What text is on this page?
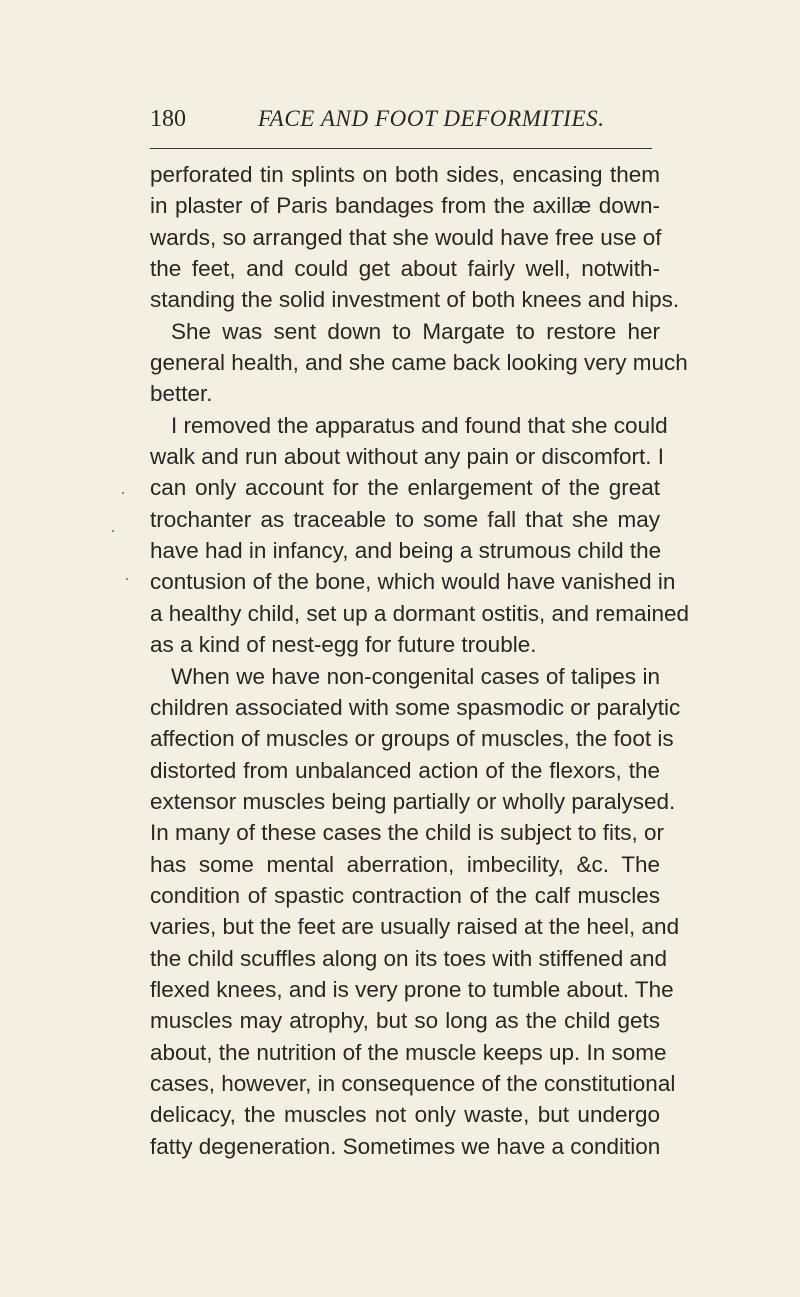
180	FACE AND FOOT DEFORMITIES.
perforated tin splints on both sides, encasing them
in plaster of Paris bandages from the axillæ down-
wards, so arranged that she would have free use of
the feet, and could get about fairly well, notwith-
standing the solid investment of both knees and hips.
She was sent down to Margate to restore her
general health, and she came back looking very much
better.
I removed the apparatus and found that she could
walk and run about without any pain or discomfort. I
can only account for the enlargement of the great
trochanter as traceable to some fall that she may
have had in infancy, and being a strumous child the
contusion of the bone, which would have vanished in
a healthy child, set up a dormant ostitis, and remained
as a kind of nest-egg for future trouble.
When we have non-congenital cases of talipes in
children associated with some spasmodic or paralytic
affection of muscles or groups of muscles, the foot is
distorted from unbalanced action of the flexors, the
extensor muscles being partially or wholly paralysed.
In many of these cases the child is subject to fits, or
has some mental aberration, imbecility, &c. The
condition of spastic contraction of the calf muscles
varies, but the feet are usually raised at the heel, and
the child scuffles along on its toes with stiffened and
flexed knees, and is very prone to tumble about. The
muscles may atrophy, but so long as the child gets
about, the nutrition of the muscle keeps up. In some
cases, however, in consequence of the constitutional
delicacy, the muscles not only waste, but undergo
fatty degeneration. Sometimes we have a condition
